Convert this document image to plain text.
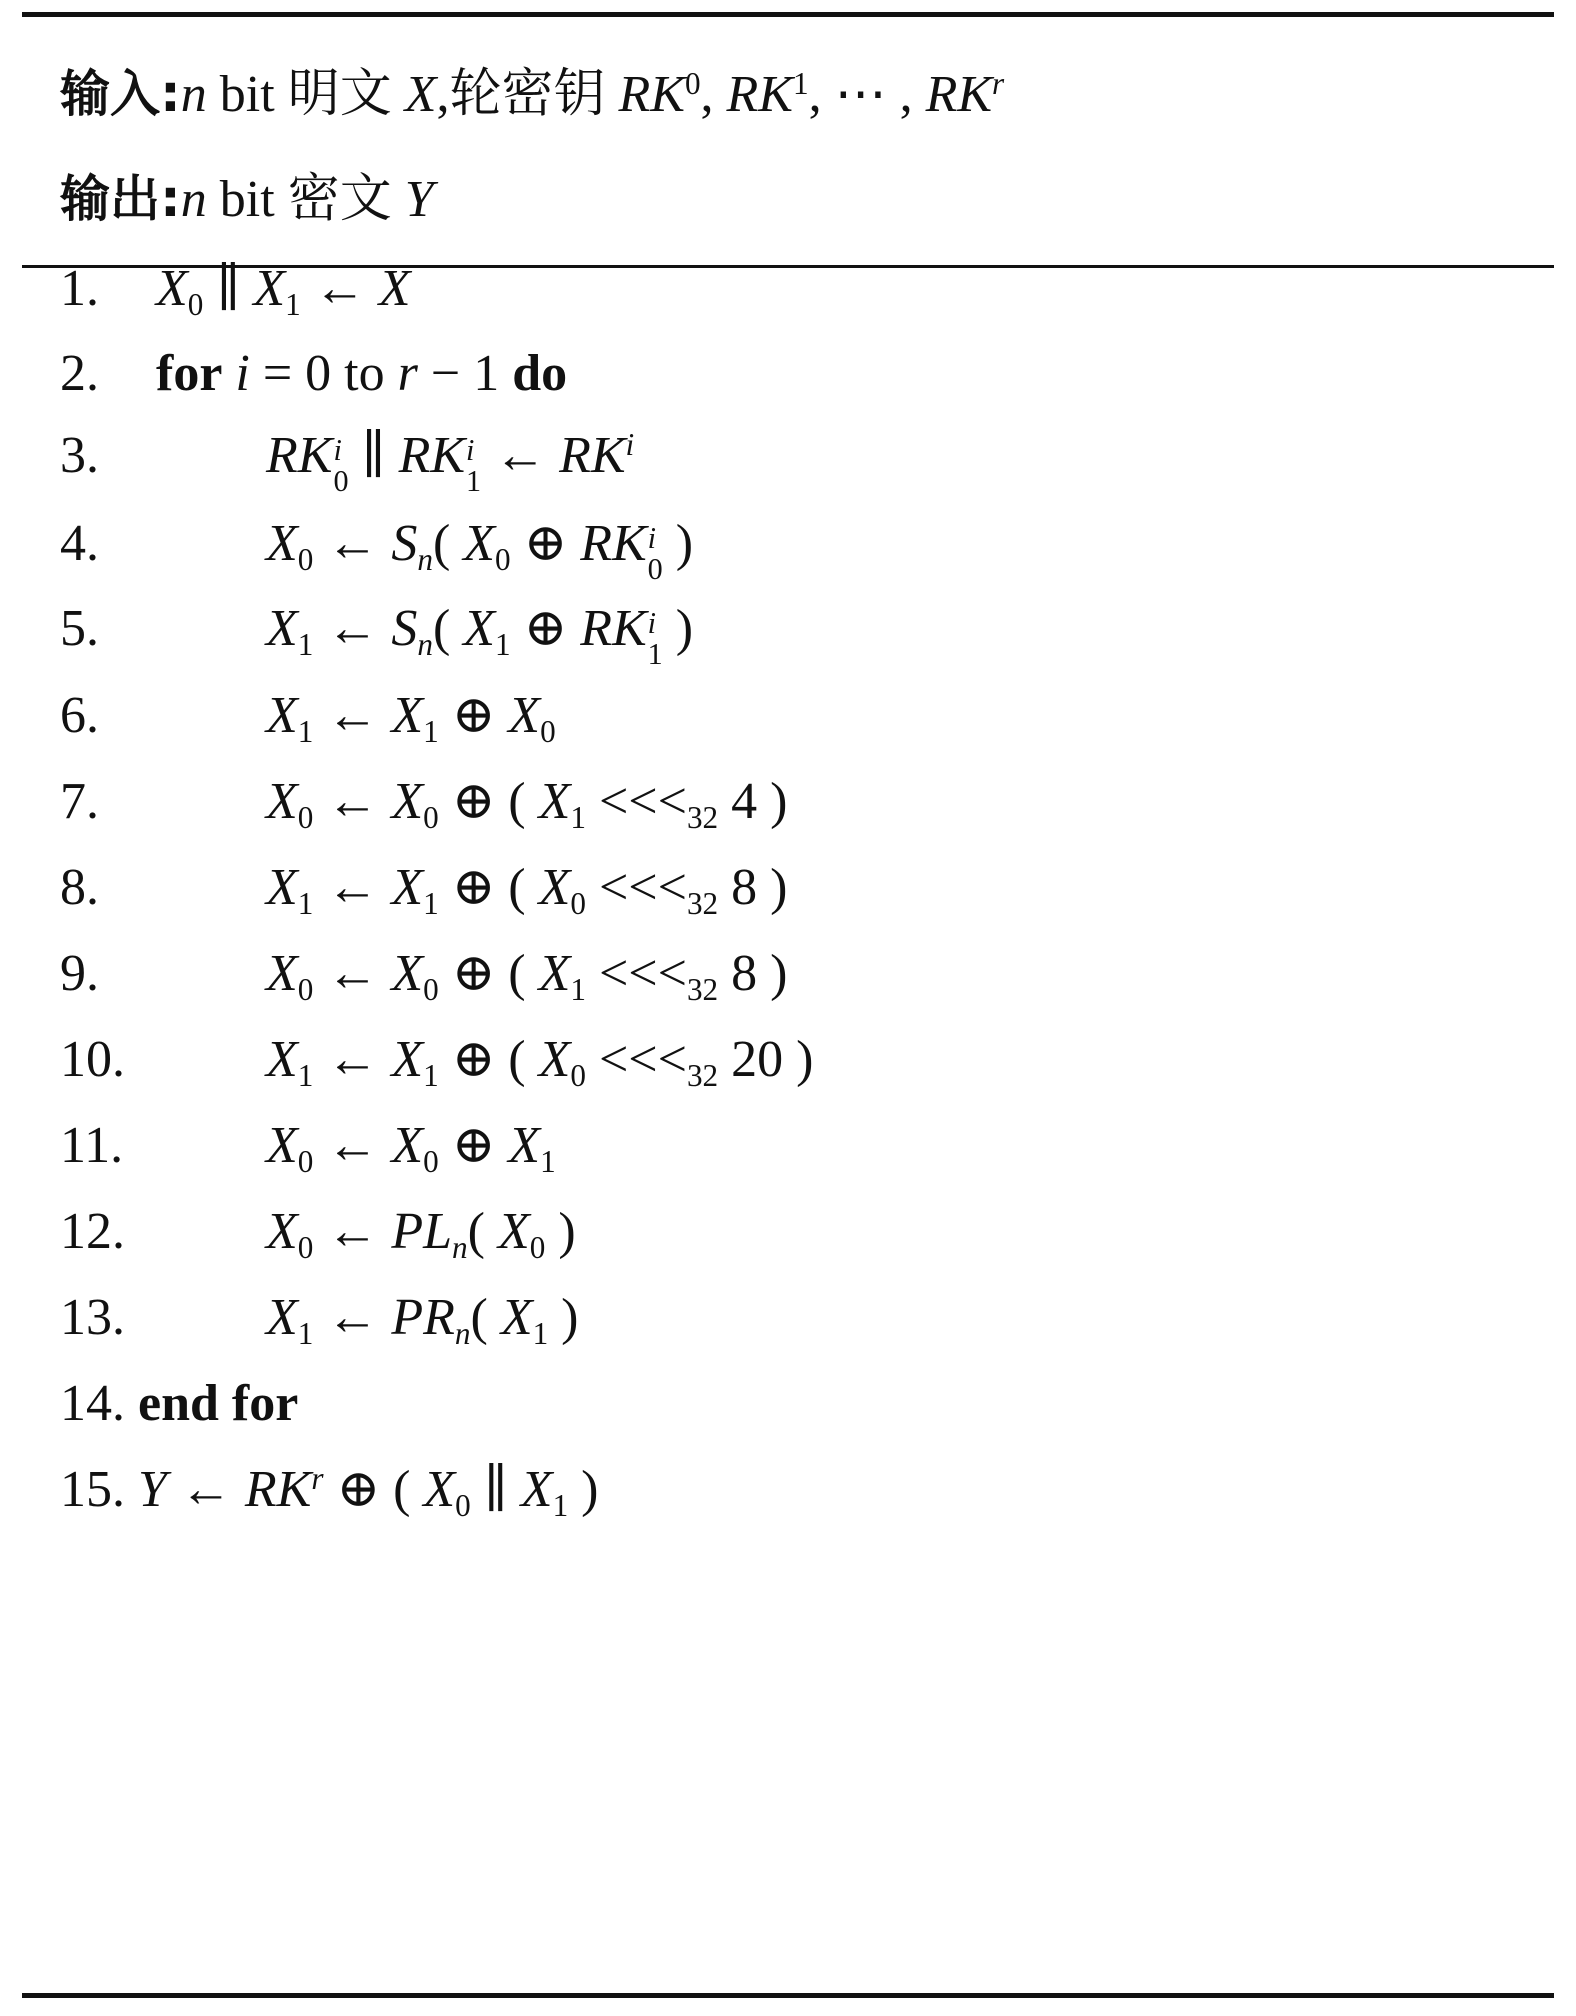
输入:n bit 明文 X,轮密钥 $RK^0$, $RK^1$, ⋯ , $RK^r$
输出:n bit 密文 Y
1. $X_0$ ∥ $X_1$ ← X
2. for i = 0 to r − 1 do
3.	RK i
0 ∥ RK i
1 ← $RK^i$
4.	$X_0$ ← $S_n$( $X_0$ ⊕ RK i
0 )
5.	$X_1$ ← $S_n$( $X_1$ ⊕ RK i
1 )
6.	$X_1$ ← $X_1$ ⊕ $X_0$
7.	$X_0$ ← $X_0$ ⊕ ( $X_1 <<<_{32}$ 4 )
8.	$X_1$ ← $X_1$ ⊕ ( $X_0 <<<_{32}$ 8 )
9.	$X_0$ ← $X_0$ ⊕ ( $X_1 <<<_{32}$ 8 )
10.	$X_1$ ← $X_1$ ⊕ ( $X_0 <<<_{32}$ 20 )
11.	$X_0$ ← $X_0$ ⊕ $X_1$
12.	$X_0$ ← $PL_n$( $X_0$ )
13.	$X_1$ ← $PR_n$( $X_1$ )
14. end for
15. Y ← $RK^r$ ⊕ ( $X_0$ ∥ $X_1$ )
